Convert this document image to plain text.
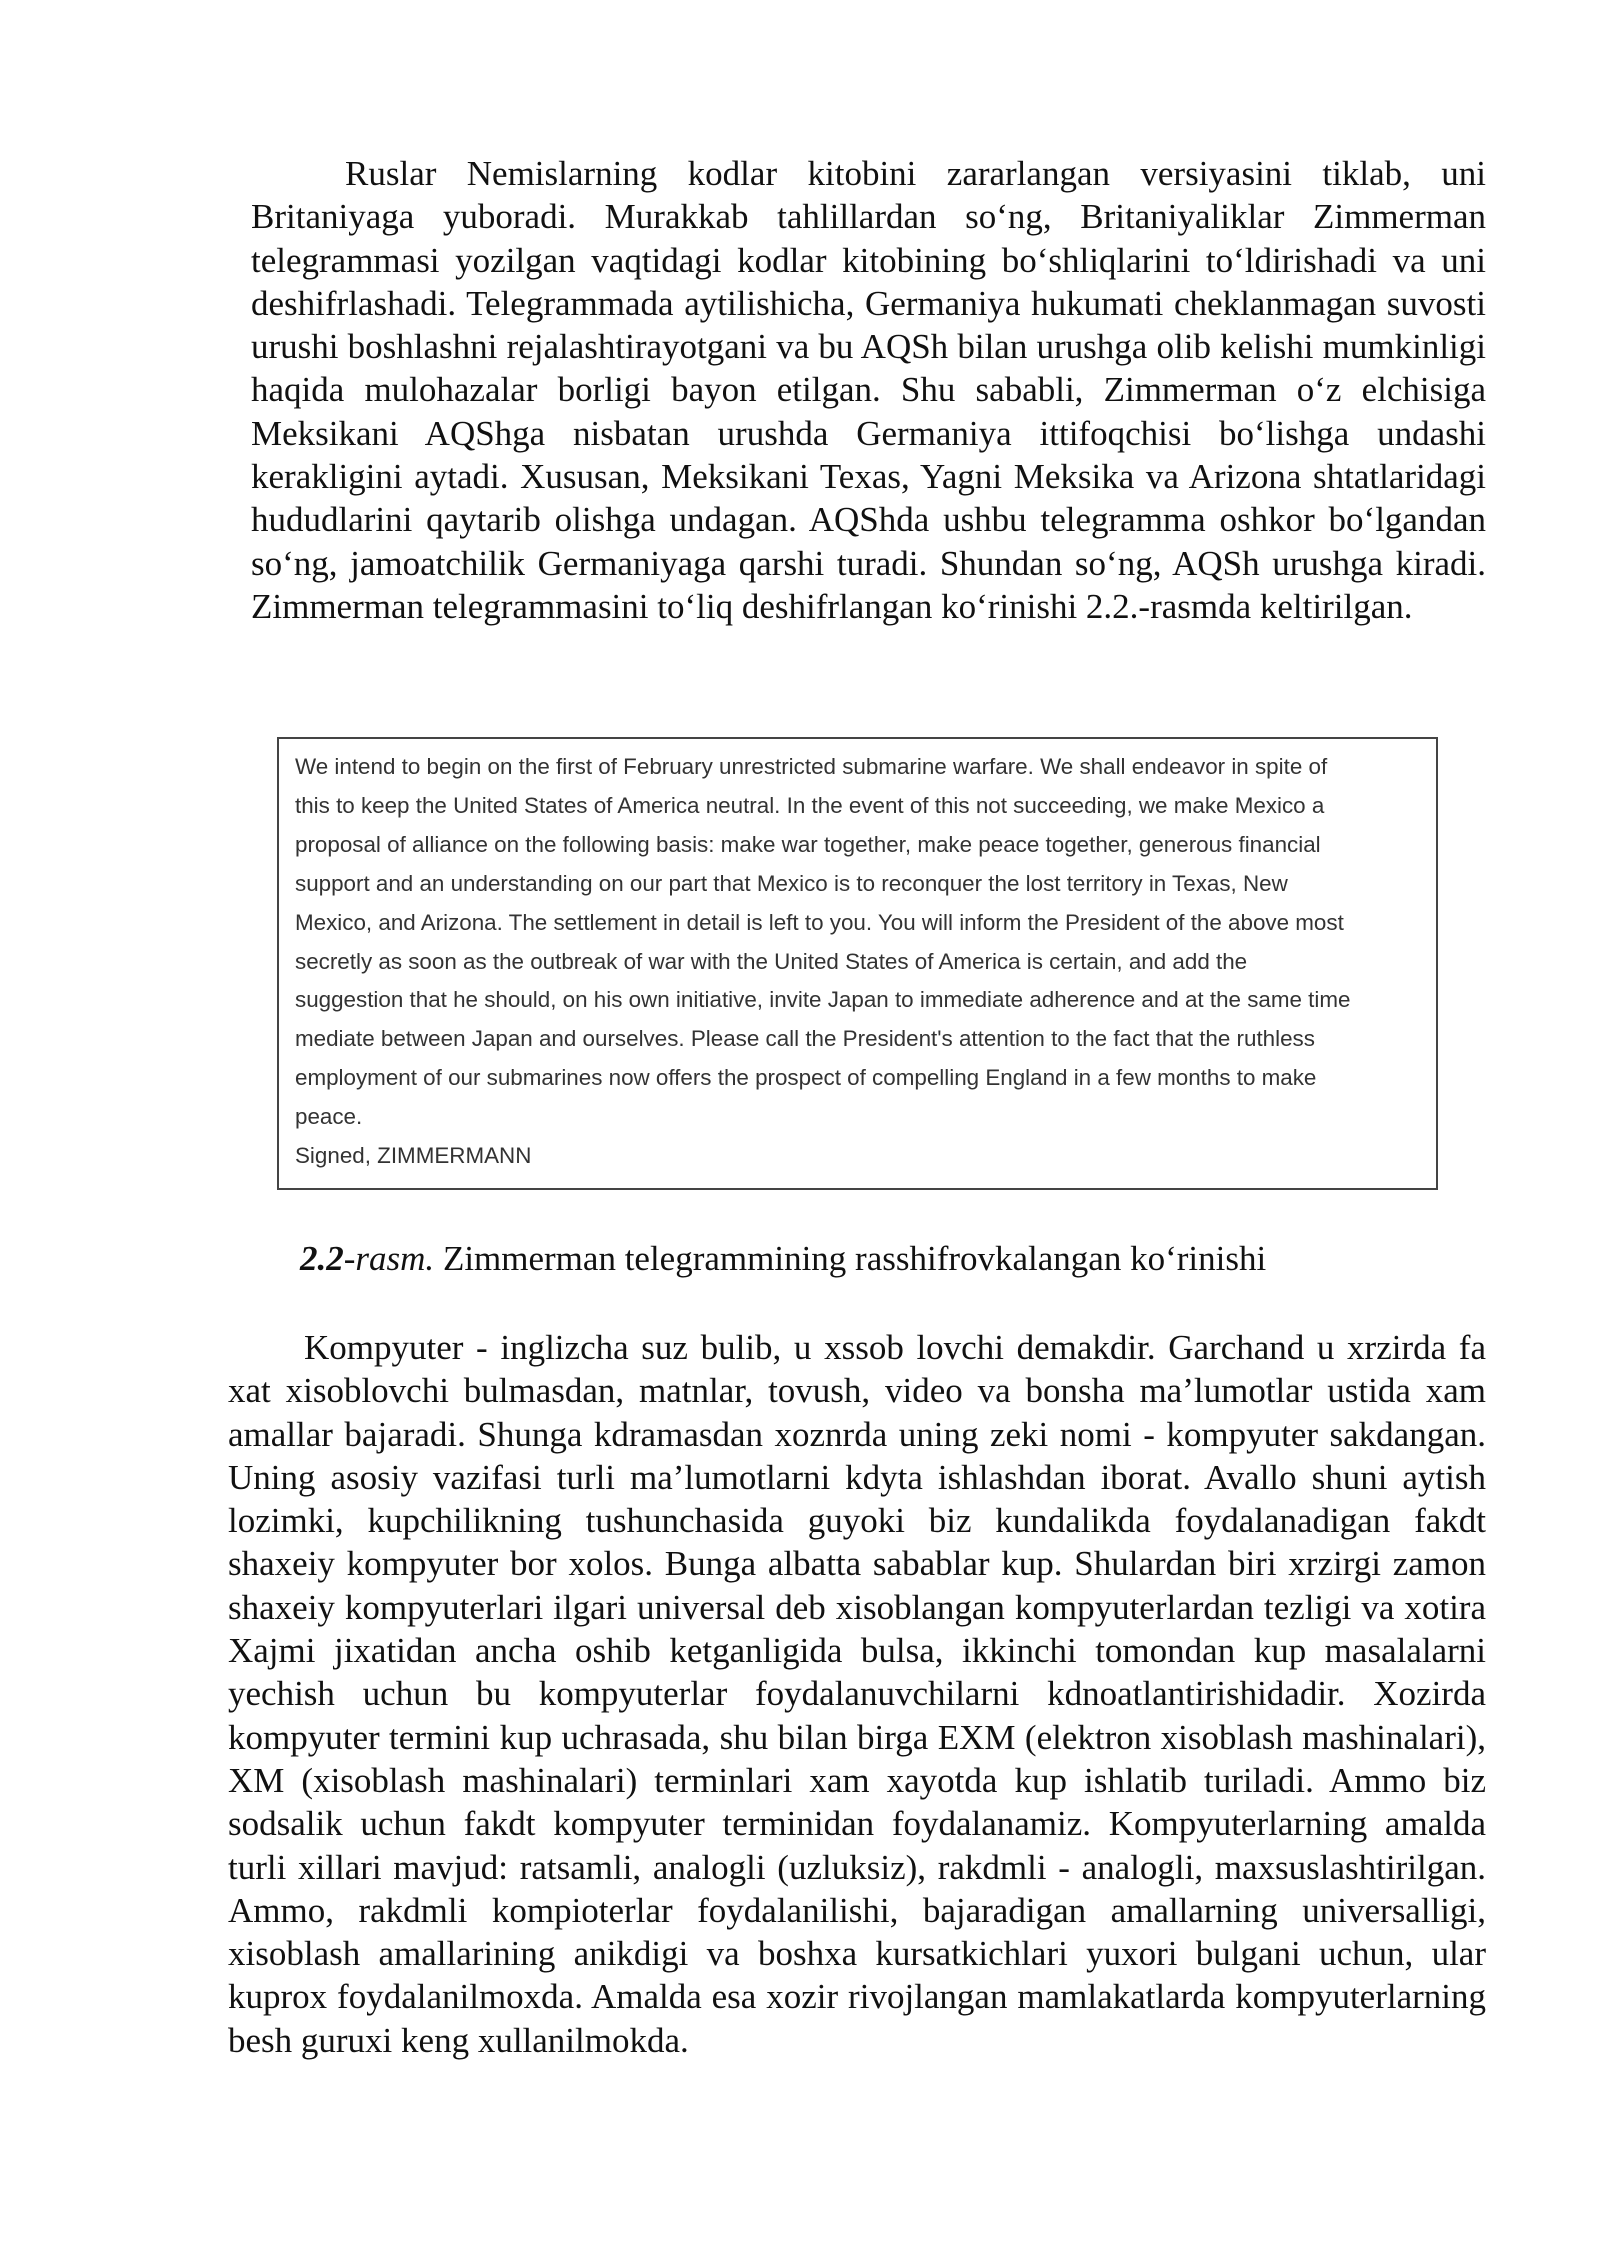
Ruslar Nemislarning kodlar kitobini zararlangan versiyasini tiklab, uni Britaniyaga yuboradi. Murakkab tahlillardan so‘ng, Britaniyaliklar Zimmerman telegrammasi yozilgan vaqtidagi kodlar kitobining bo‘shliqlarini to‘ldirishadi va uni deshifrlashadi. Telegrammada aytilishicha, Germaniya hukumati cheklanmagan suvosti urushi boshlashni rejalashtirayotgani va bu AQSh bilan urushga olib kelishi mumkinligi haqida mulohazalar borligi bayon etilgan. Shu sababli, Zimmerman o‘z elchisiga Meksikani AQShga nisbatan urushda Germaniya ittifoqchisi bo‘lishga undashi kerakligini aytadi. Xususan, Meksikani Texas, Yagni Meksika va Arizona shtatlaridagi hududlarini qaytarib olishga undagan. AQShda ushbu telegramma oshkor bo‘lgandan so‘ng, jamoatchilik Germaniyaga qarshi turadi. Shundan so‘ng, AQSh urushga kiradi. Zimmerman telegrammasini to‘liq deshifrlangan ko‘rinishi 2.2.-rasmda keltirilgan.

We intend to begin on the first of February unrestricted submarine warfare. We shall endeavor in spite of

this to keep the United States of America neutral. In the event of this not succeeding, we make Mexico a

proposal of alliance on the following basis: make war together, make peace together, generous financial

support and an understanding on our part that Mexico is to reconquer the lost territory in Texas, New

Mexico, and Arizona. The settlement in detail is left to you. You will inform the President of the above most

secretly as soon as the outbreak of war with the United States of America is certain, and add the

suggestion that he should, on his own initiative, invite Japan to immediate adherence and at the same time

mediate between Japan and ourselves. Please call the President's attention to the fact that the ruthless

employment of our submarines now offers the prospect of compelling England in a few months to make

peace.

Signed, ZIMMERMANN

2.2-rasm. Zimmerman telegrammining rasshifrovkalangan ko‘rinishi

Kompyuter - inglizcha suz bulib, u xssob lovchi demakdir. Garchand u xrzirda fa xat xisoblovchi bulmasdan, matnlar, tovush, video va bonsha ma’lumotlar ustida xam amallar bajaradi. Shunga kdramasdan xoznrda uning zeki nomi - kompyuter sakdangan. Uning asosiy vazifasi turli ma’lumotlarni kdyta ishlashdan iborat. Avallo shuni aytish lozimki, kupchilikning tushunchasida guyoki biz kundalikda foydalanadigan fakdt shaxeiy kompyuter bor xolos. Bunga albatta sabablar kup. Shulardan biri xrzirgi zamon shaxeiy kompyuterlari ilgari universal deb xisoblangan kompyuterlardan tezligi va xotira Xajmi jixatidan ancha oshib ketganligida bulsa, ikkinchi tomondan kup masalalarni yechish uchun bu kompyuterlar foydalanuvchilarni kdnoatlantirishidadir. Xozirda kompyuter termini kup uchrasada, shu bilan birga EXM (elektron xisoblash mashinalari), XM (xisoblash mashinalari) terminlari xam xayotda kup ishlatib turiladi. Ammo biz sodsalik uchun fakdt kompyuter terminidan foydalanamiz. Kompyuterlarning amalda turli xillari mavjud: ratsamli, analogli (uzluksiz), rakdmli - analogli, maxsuslashtirilgan. Ammo, rakdmli kompioterlar foydalanilishi, bajaradigan amallarning universalligi, xisoblash amallarining anikdigi va boshxa kursatkichlari yuxori bulgani uchun, ular kuprox foydalanilmoxda. Amalda esa xozir rivojlangan mamlakatlarda kompyuterlarning besh guruxi keng xullanilmokda.
